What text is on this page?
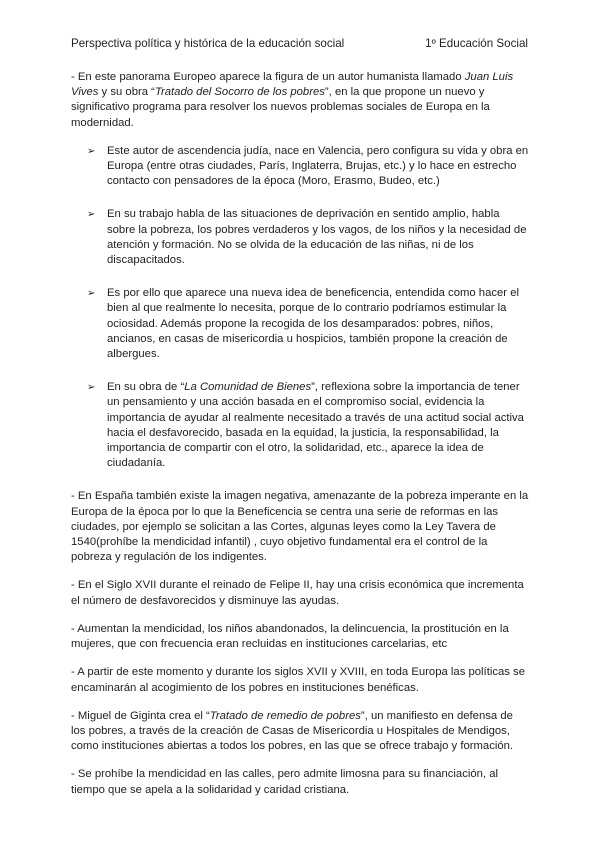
Perspectiva política y histórica de la educación social	1º Educación Social

- En este panorama Europeo aparece la figura de un autor humanista llamado Juan Luis Vives y su obra “Tratado del Socorro de los pobres”, en la que propone un nuevo y significativo programa para resolver los nuevos problemas sociales de Europa en la modernidad.

➢ Este autor de ascendencia judía, nace en Valencia, pero configura su vida y obra en Europa (entre otras ciudades, París, Inglaterra, Brujas, etc.) y lo hace en estrecho contacto con pensadores de la época (Moro, Erasmo, Budeo, etc.)
➢ En su trabajo habla de las situaciones de deprivación en sentido amplio, habla sobre la pobreza, los pobres verdaderos y los vagos, de los niños y la necesidad de atención y formación. No se olvida de la educación de las niñas, ni de los discapacitados.
➢ Es por ello que aparece una nueva idea de beneficencia, entendida como hacer el bien al que realmente lo necesita, porque de lo contrario podríamos estimular la ociosidad. Además propone la recogida de los desamparados: pobres, niños, ancianos, en casas de misericordia u hospicios, también propone la creación de albergues.
➢ En su obra de “La Comunidad de Bienes”, reflexiona sobre la importancia de tener un pensamiento y una acción basada en el compromiso social, evidencia la importancia de ayudar al realmente necesitado a través de una actitud social activa hacia el desfavorecido, basada en la equidad, la justicia, la responsabilidad, la importancia de compartir con el otro, la solidaridad, etc., aparece la idea de ciudadanía.

- En España también existe la imagen negativa, amenazante de la pobreza imperante en la Europa de la época por lo que la Beneficencia se centra una serie de reformas en las ciudades, por ejemplo se solicitan a las Cortes, algunas leyes como la Ley Tavera de 1540(prohíbe la mendicidad infantil) , cuyo objetivo fundamental era el control de la pobreza y regulación de los indigentes.

- En el Siglo XVII durante el reinado de Felipe II, hay una crisis económica que incrementa el número de desfavorecidos y disminuye las ayudas.

- Aumentan la mendicidad, los niños abandonados, la delincuencia, la prostitución en la mujeres, que con frecuencia eran recluidas en instituciones carcelarias, etc

- A partir de este momento y durante los siglos XVII y XVIII, en toda Europa las políticas se encaminarán al acogimiento de los pobres en instituciones benéficas.

- Miguel de Giginta crea el “Tratado de remedio de pobres”, un manifiesto en defensa de los pobres, a través de la creación de Casas de Misericordia u Hospitales de Mendigos, como instituciones abiertas a todos los pobres, en las que se ofrece trabajo y formación.

- Se prohíbe la mendicidad en las calles, pero admite limosna para su financiación, al tiempo que se apela a la solidaridad y caridad cristiana.
